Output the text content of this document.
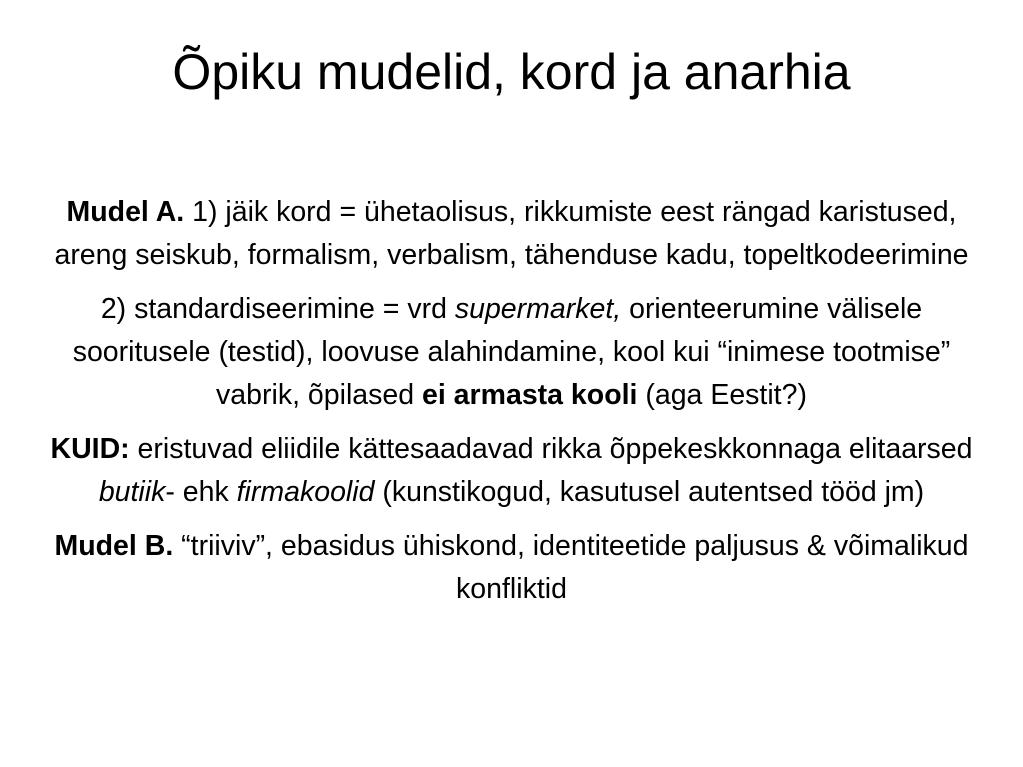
Õpiku mudelid, kord ja anarhia

Mudel A. 1) jäik kord = ühetaolisus, rikkumiste eest rängad karistused, areng seiskub, formalism, verbalism, tähenduse kadu, topeltkodeerimine

2) standardiseerimine = vrd supermarket, orienteerumine välisele sooritusele (testid), loovuse alahindamine, kool kui “inimese tootmise” vabrik, õpilased ei armasta kooli (aga Eestit?)

KUID: eristuvad eliidile kättesaadavad rikka õppekeskkonnaga elitaarsed butiik- ehk firmakoolid (kunstikogud, kasutusel autentsed tööd jm)

Mudel B. “triiviv”, ebasidus ühiskond, identiteetide paljusus & võimalikud konfliktid
